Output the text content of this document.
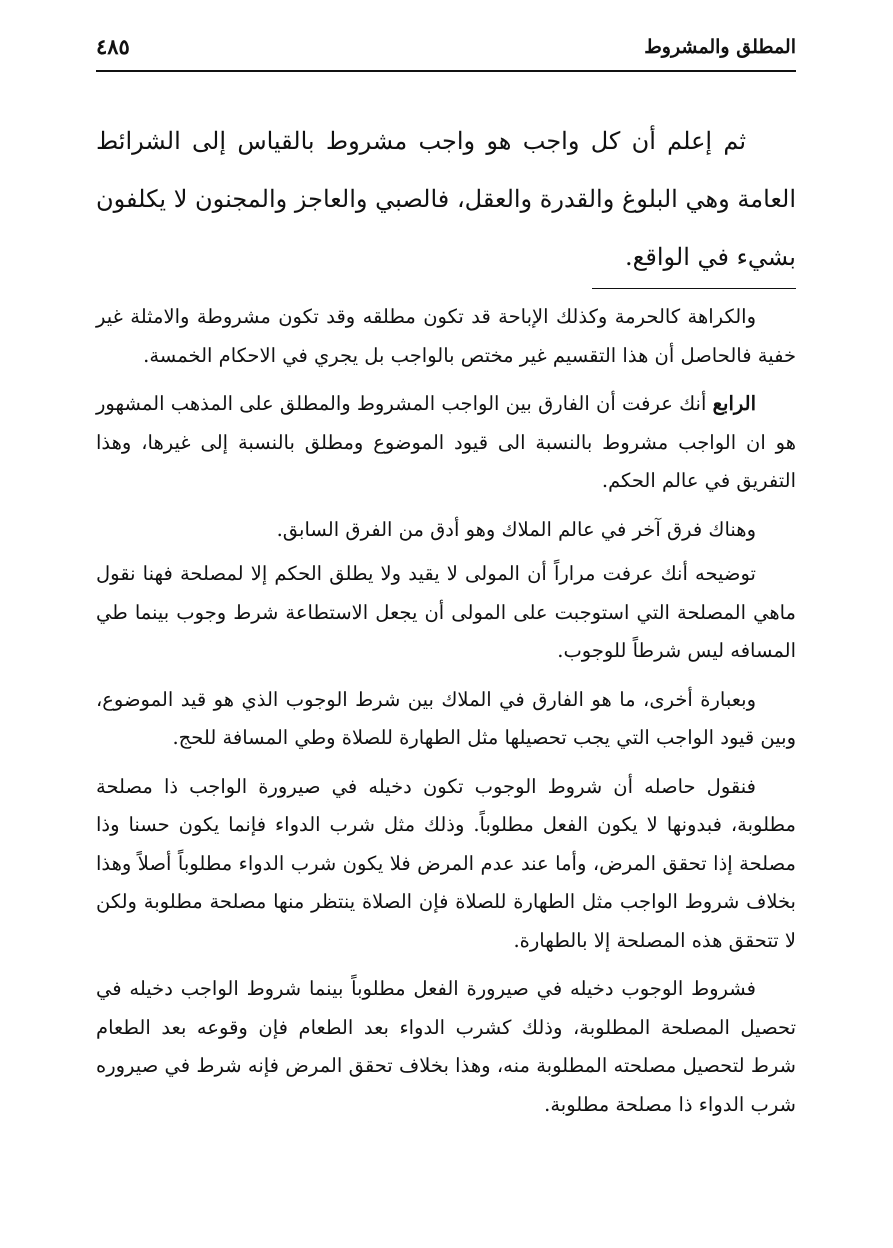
المطلق والمشروط
٤٨٥

ثم إعلم أن كل واجب هو واجب مشروط بالقياس إلى الشرائط العامة وهي البلوغ والقدرة والعقل، فالصبي والعاجز والمجنون لا يكلفون بشيء في الواقع.

والكراهة كالحرمة وكذلك الإباحة قد تكون مطلقه وقد تكون مشروطة والامثلة غير خفية فالحاصل أن هذا التقسيم غير مختص بالواجب بل يجري في الاحكام الخمسة.

الرابع أنك عرفت أن الفارق بين الواجب المشروط والمطلق على المذهب المشهور هو ان الواجب مشروط بالنسبة الى قيود الموضوع ومطلق بالنسبة إلى غيرها، وهذا التفريق في عالم الحكم.

وهناك فرق آخر في عالم الملاك وهو أدق من الفرق السابق.

توضيحه أنك عرفت مراراً أن المولى لا يقيد ولا يطلق الحكم إلا لمصلحة فهنا نقول ماهي المصلحة التي استوجبت على المولى أن يجعل الاستطاعة شرط وجوب بينما طي المسافه ليس شرطاً للوجوب.

وبعبارة أخرى، ما هو الفارق في الملاك بين شرط الوجوب الذي هو قيد الموضوع، وبين قيود الواجب التي يجب تحصيلها مثل الطهارة للصلاة وطي المسافة للحج.

فنقول حاصله أن شروط الوجوب تكون دخيله في صيرورة الواجب ذا مصلحة مطلوبة، فبدونها لا يكون الفعل مطلوباً. وذلك مثل شرب الدواء فإنما يكون حسنا وذا مصلحة إذا تحقق المرض، وأما عند عدم المرض فلا يكون شرب الدواء مطلوباً أصلاً وهذا بخلاف شروط الواجب مثل الطهارة للصلاة فإن الصلاة ينتظر منها مصلحة مطلوبة ولكن لا تتحقق هذه المصلحة إلا بالطهارة.

فشروط الوجوب دخيله في صيرورة الفعل مطلوباً بينما شروط الواجب دخيله في تحصيل المصلحة المطلوبة، وذلك كشرب الدواء بعد الطعام فإن وقوعه بعد الطعام شرط لتحصيل مصلحته المطلوبة منه، وهذا بخلاف تحقق المرض فإنه شرط في صيروره شرب الدواء ذا مصلحة مطلوبة.
